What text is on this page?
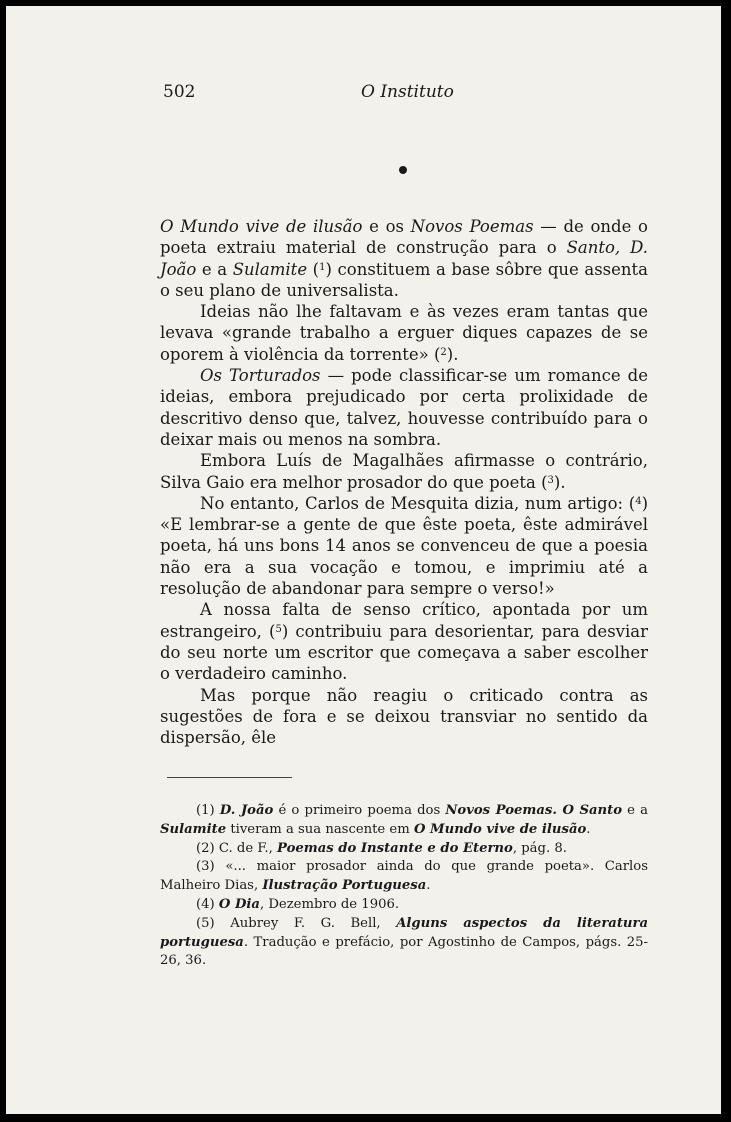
502	O Instituto

O Mundo vive de ilusão e os Novos Poemas — de onde o poeta extraiu material de construção para o Santo, D. João e a Sulamite ($^1$) constituem a base sôbre que assenta o seu plano de universalista.

Ideias não lhe faltavam e às vezes eram tantas que levava «grande trabalho a erguer diques capazes de se oporem à violência da torrente» ($^2$).

Os Torturados — pode classificar-se um romance de ideias, embora prejudicado por certa prolixidade de descritivo denso que, talvez, houvesse contribuído para o deixar mais ou menos na sombra.

Embora Luís de Magalhães afirmasse o contrário, Silva Gaio era melhor prosador do que poeta ($^3$).

No entanto, Carlos de Mesquita dizia, num artigo: ($^4$) «E lembrar-se a gente de que êste poeta, êste admirável poeta, há uns bons 14 anos se convenceu de que a poesia não era a sua vocação e tomou, e imprimiu até a resolução de abandonar para sempre o verso!»

A nossa falta de senso crítico, apontada por um estrangeiro, ($^5$) contribuiu para desorientar, para desviar do seu norte um escritor que começava a saber escolher o verdadeiro caminho.

Mas porque não reagiu o criticado contra as sugestões de fora e se deixou transviar no sentido da dispersão, êle

(1) D. João é o primeiro poema dos Novos Poemas. O Santo e a Sulamite tiveram a sua nascente em O Mundo vive de ilusão.

(2) C. de F., Poemas do Instante e do Eterno, pág. 8.

(3) «... maior prosador ainda do que grande poeta». Carlos Malheiro Dias, Ilustração Portuguesa.

(4) O Dia, Dezembro de 1906.

(5) Aubrey F. G. Bell, Alguns aspectos da literatura portuguesa. Tradução e prefácio, por Agostinho de Campos, págs. 25-26, 36.
